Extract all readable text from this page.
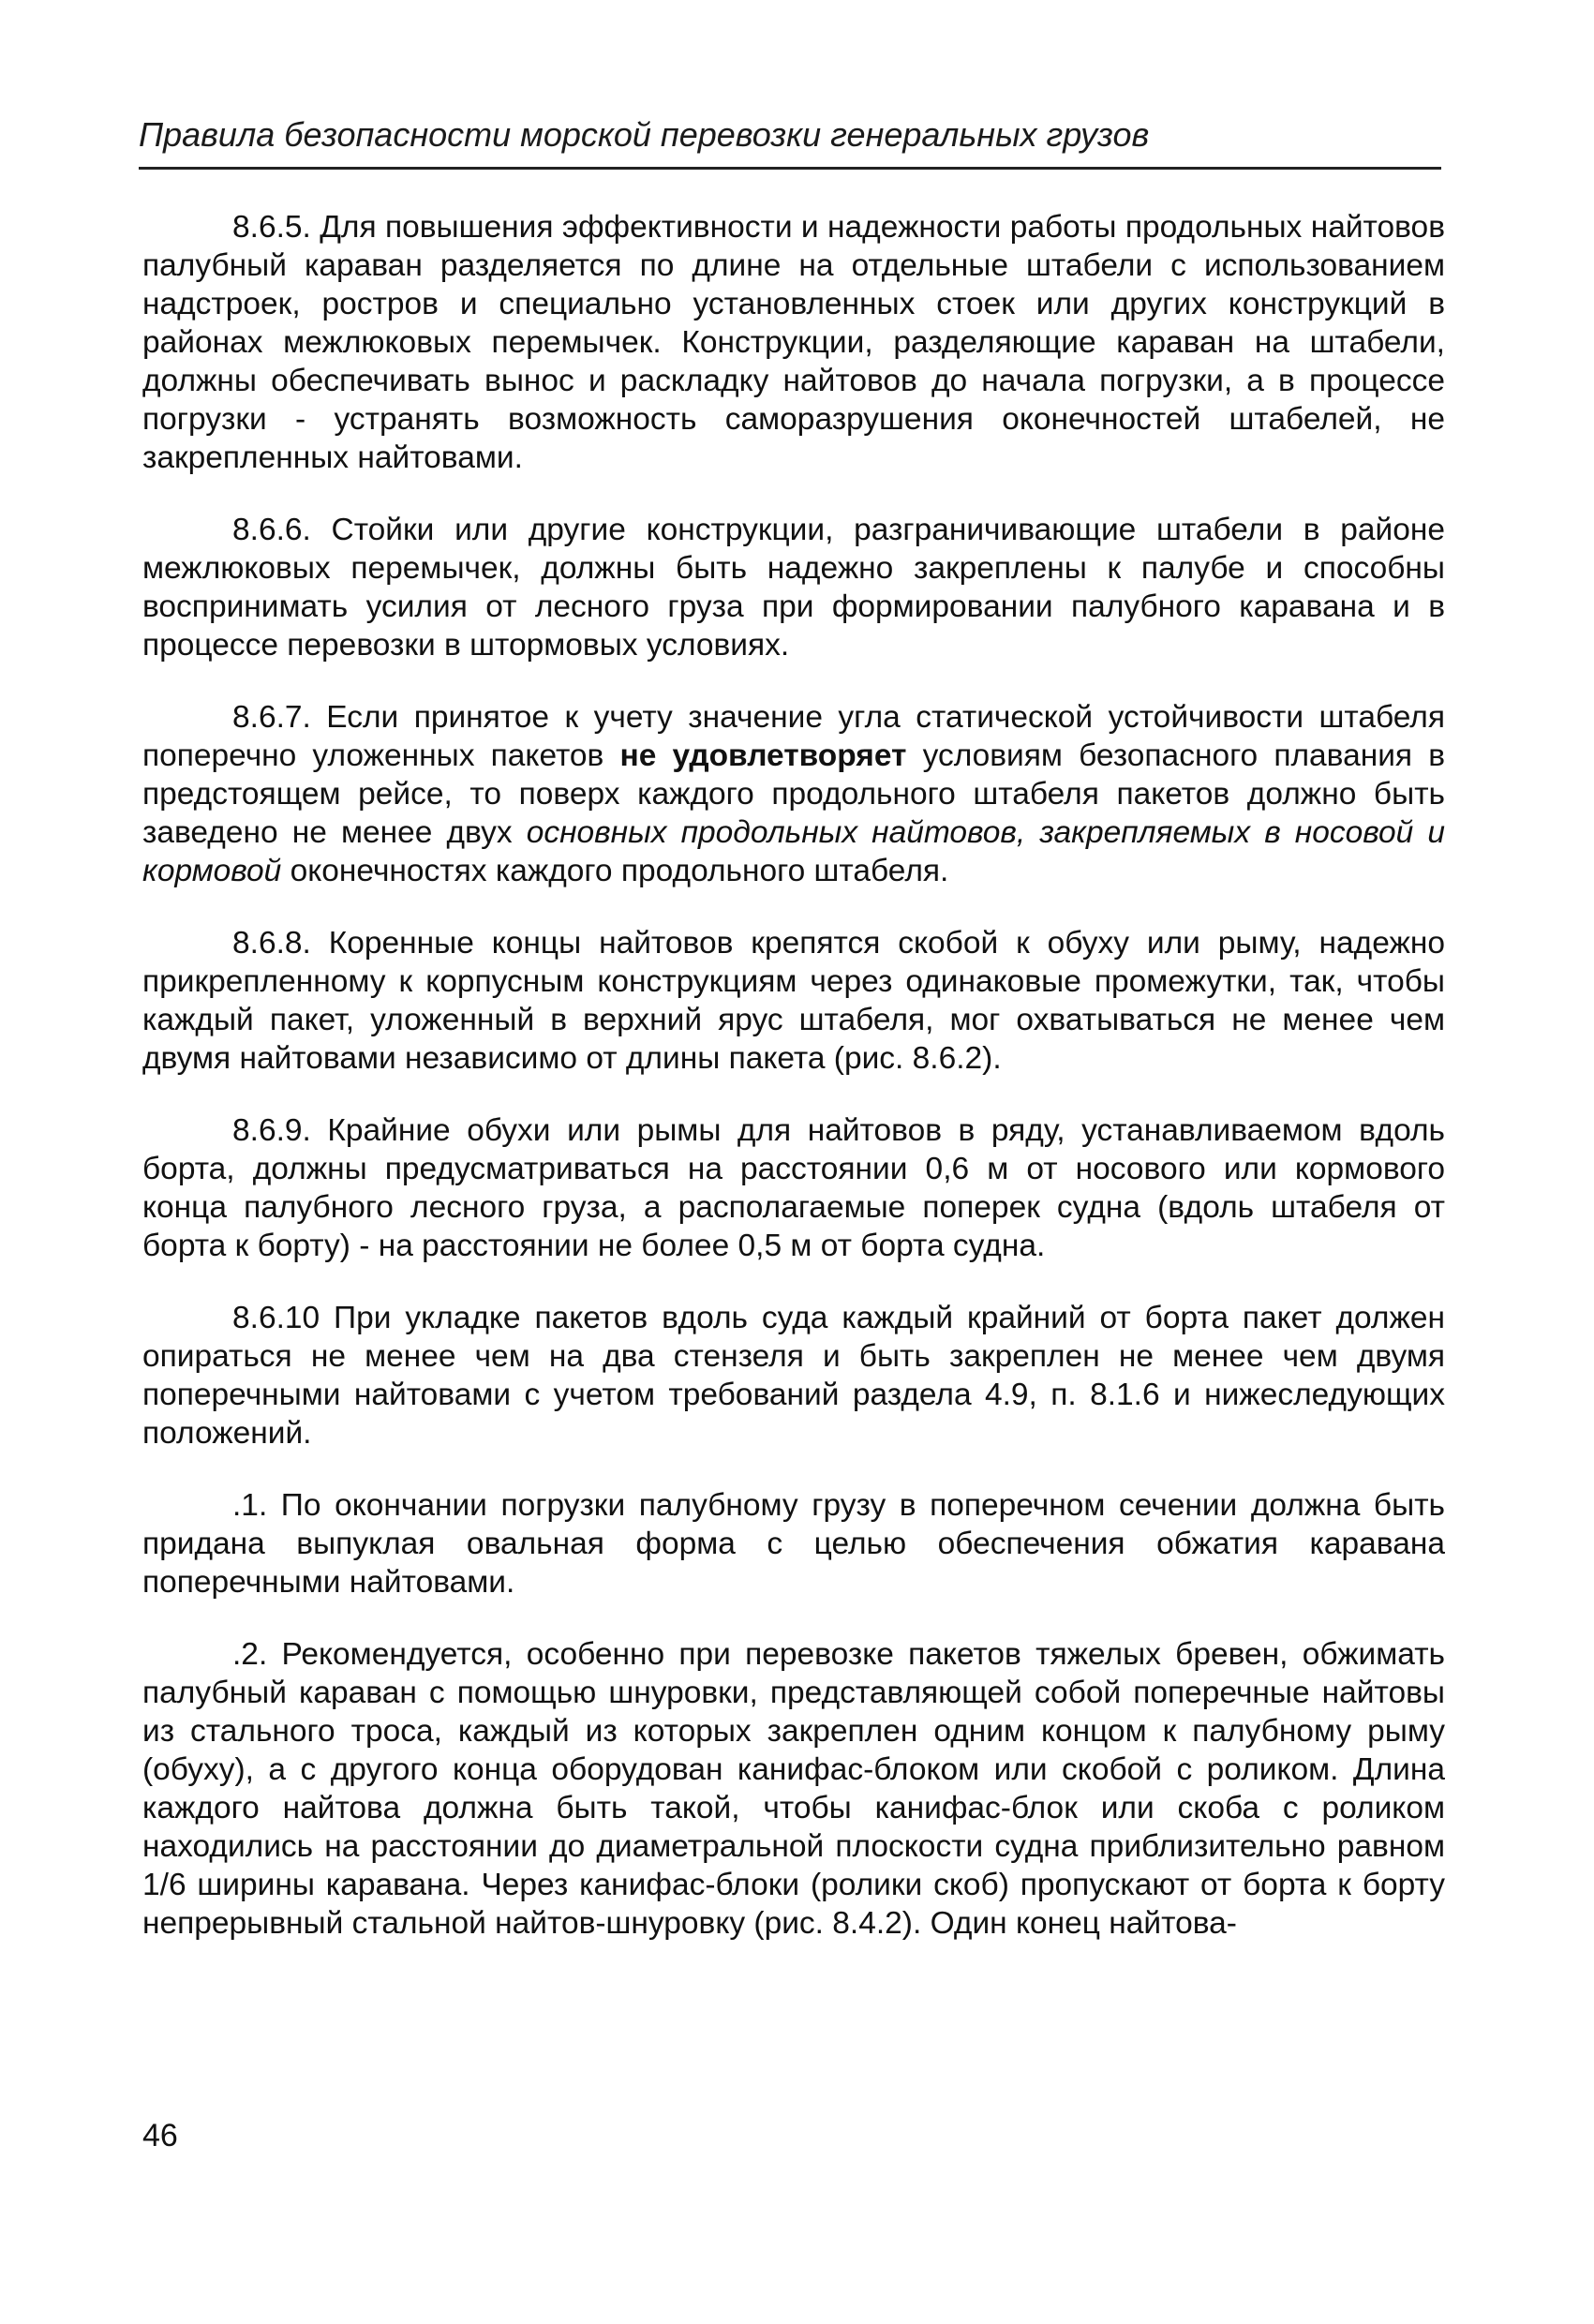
Правила безопасности морской перевозки генеральных грузов

8.6.5. Для повышения эффективности и надежности работы продольных найтовов палубный караван разделяется по длине на отдельные штабели с использованием надстроек, ростров и специально установленных стоек или других конструкций в районах межлюковых перемычек. Конструкции, разделяющие караван на штабели, должны обеспечивать вынос и раскладку найтовов до начала погрузки, а в процессе погрузки - устранять возможность саморазрушения оконечностей штабелей, не закрепленных найтовами.

8.6.6. Стойки или другие конструкции, разграничивающие штабели в районе межлюковых перемычек, должны быть надежно закреплены к палубе и способны воспринимать усилия от лесного груза при формировании палубного каравана и в процессе перевозки в штормовых условиях.

8.6.7. Если принятое к учету значение угла статической устойчивости штабеля поперечно уложенных пакетов не удовлетворяет условиям безопасного плавания в предстоящем рейсе, то поверх каждого продольного штабеля пакетов должно быть заведено не менее двух основных продольных найтовов, закрепляемых в носовой и кормовой оконечностях каждого продольного штабеля.

8.6.8. Коренные концы найтовов крепятся скобой к обуху или рыму, надежно прикрепленному к корпусным конструкциям через одинаковые промежутки, так, чтобы каждый пакет, уложенный в верхний ярус штабеля, мог охватываться не менее чем двумя найтовами независимо от длины пакета (рис. 8.6.2).

8.6.9. Крайние обухи или рымы для найтовов в ряду, устанавливаемом вдоль борта, должны предусматриваться на расстоянии 0,6 м от носового или кормового конца палубного лесного груза, а располагаемые поперек судна (вдоль штабеля от борта к борту) - на расстоянии не более 0,5 м от борта судна.

8.6.10 При укладке пакетов вдоль суда каждый крайний от борта пакет должен опираться не менее чем на два стензеля и быть закреплен не менее чем двумя поперечными найтовами с учетом требований раздела 4.9, п. 8.1.6 и нижеследующих положений.

.1. По окончании погрузки палубному грузу в поперечном сечении должна быть придана выпуклая овальная форма с целью обеспечения обжатия каравана поперечными найтовами.

.2. Рекомендуется, особенно при перевозке пакетов тяжелых бревен, обжимать палубный караван с помощью шнуровки, представляющей собой поперечные найтовы из стального троса, каждый из которых закреплен одним концом к палубному рыму (обуху), а с другого конца оборудован канифас-блоком или скобой с роликом. Длина каждого найтова должна быть такой, чтобы канифас-блок или скоба с роликом находились на расстоянии до диаметральной плоскости судна приблизительно равном 1/6 ширины каравана. Через канифас-блоки (ролики скоб) пропускают от борта к борту непрерывный стальной найтов-шнуровку (рис. 8.4.2). Один конец найтова-

46
